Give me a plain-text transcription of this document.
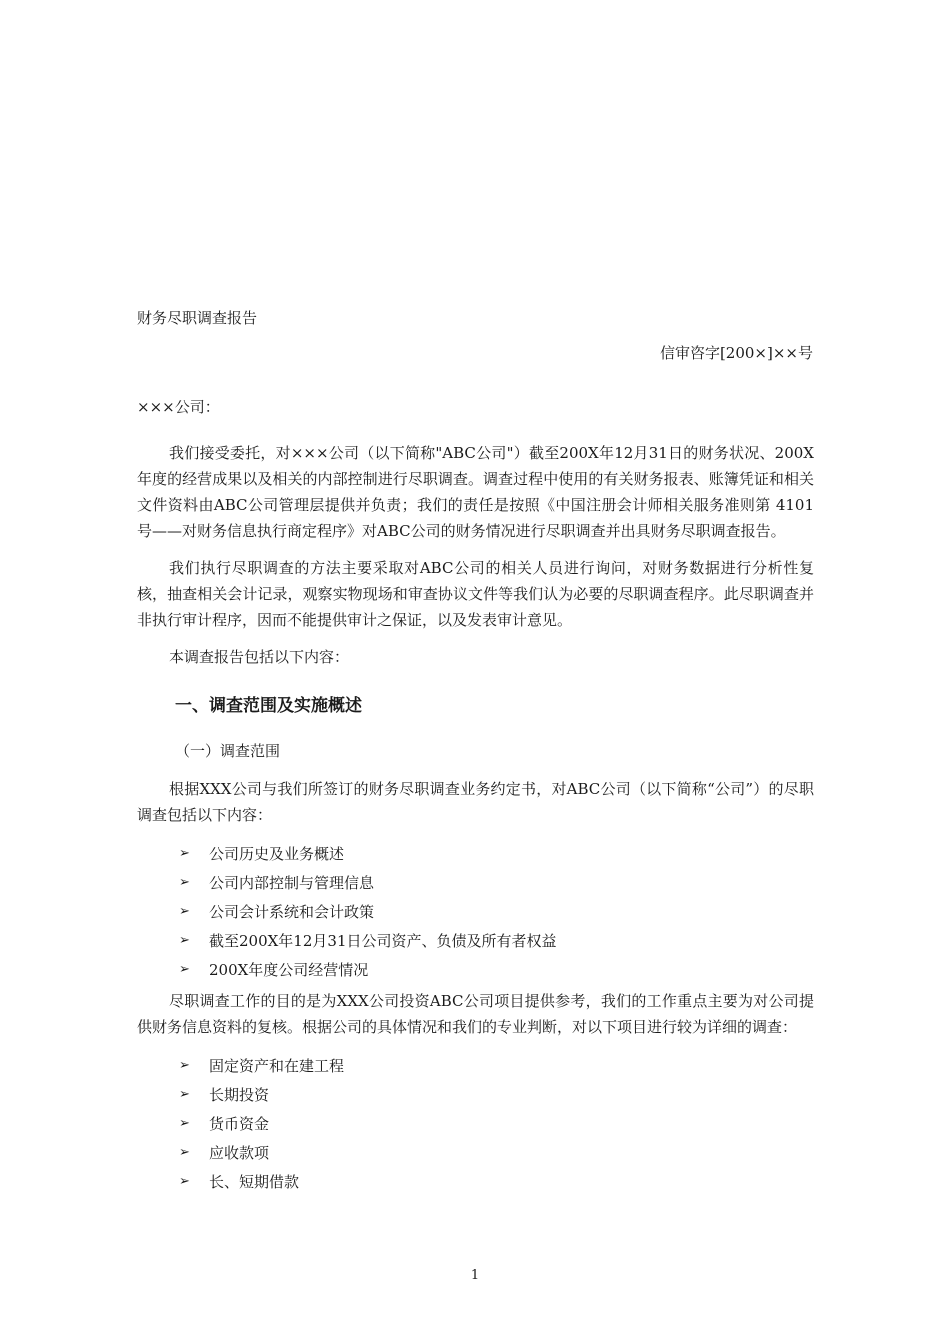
财务尽职调查报告
信审咨字[200×]××号
×××公司：

我们接受委托，对×××公司（以下简称"ABC公司"）截至200X年12月31日的财务状况、200X年度的经营成果以及相关的内部控制进行尽职调查。调查过程中使用的有关财务报表、账簿凭证和相关文件资料由ABC公司管理层提供并负责；我们的责任是按照《中国注册会计师相关服务准则第 4101 号——对财务信息执行商定程序》对ABC公司的财务情况进行尽职调查并出具财务尽职调查报告。

我们执行尽职调查的方法主要采取对ABC公司的相关人员进行询问，对财务数据进行分析性复核，抽查相关会计记录，观察实物现场和审查协议文件等我们认为必要的尽职调查程序。此尽职调查并非执行审计程序，因而不能提供审计之保证，以及发表审计意见。

本调查报告包括以下内容：

一、调查范围及实施概述
（一）调查范围

根据XXX公司与我们所签订的财务尽职调查业务约定书，对ABC公司（以下简称“公司”）的尽职调查包括以下内容：

➢	公司历史及业务概述
➢	公司内部控制与管理信息
➢	公司会计系统和会计政策
➢	截至200X年12月31日公司资产、负债及所有者权益
➢	200X年度公司经营情况

尽职调查工作的目的是为XXX公司投资ABC公司项目提供参考，我们的工作重点主要为对公司提供财务信息资料的复核。根据公司的具体情况和我们的专业判断，对以下项目进行较为详细的调查：

➢	固定资产和在建工程
➢	长期投资
➢	货币资金
➢	应收款项
➢	长、短期借款
1
